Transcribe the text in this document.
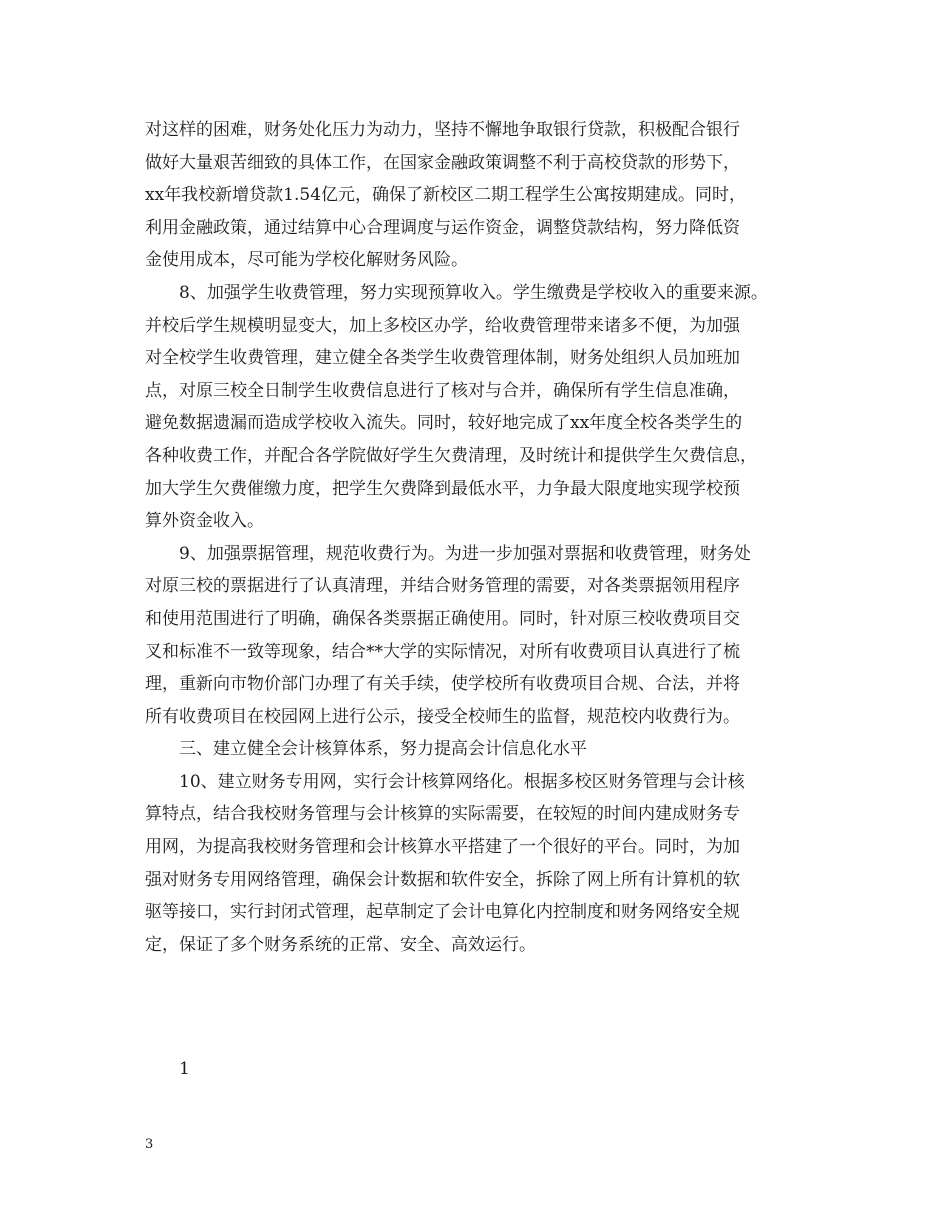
对这样的困难，财务处化压力为动力，坚持不懈地争取银行贷款，积极配合银行
做好大量艰苦细致的具体工作，在国家金融政策调整不利于高校贷款的形势下，
xx年我校新增贷款1.54亿元，确保了新校区二期工程学生公寓按期建成。同时，
利用金融政策，通过结算中心合理调度与运作资金，调整贷款结构，努力降低资
金使用成本，尽可能为学校化解财务风险。

8、加强学生收费管理，努力实现预算收入。学生缴费是学校收入的重要来源。
并校后学生规模明显变大，加上多校区办学，给收费管理带来诸多不便，为加强
对全校学生收费管理，建立健全各类学生收费管理体制，财务处组织人员加班加
点，对原三校全日制学生收费信息进行了核对与合并，确保所有学生信息准确，
避免数据遗漏而造成学校收入流失。同时，较好地完成了xx年度全校各类学生的
各种收费工作，并配合各学院做好学生欠费清理，及时统计和提供学生欠费信息，
加大学生欠费催缴力度，把学生欠费降到最低水平，力争最大限度地实现学校预
算外资金收入。

9、加强票据管理，规范收费行为。为进一步加强对票据和收费管理，财务处
对原三校的票据进行了认真清理，并结合财务管理的需要，对各类票据领用程序
和使用范围进行了明确，确保各类票据正确使用。同时，针对原三校收费项目交
叉和标准不一致等现象，结合**大学的实际情况，对所有收费项目认真进行了梳
理，重新向市物价部门办理了有关手续，使学校所有收费项目合规、合法，并将
所有收费项目在校园网上进行公示，接受全校师生的监督，规范校内收费行为。

三、建立健全会计核算体系，努力提高会计信息化水平

10、建立财务专用网，实行会计核算网络化。根据多校区财务管理与会计核
算特点，结合我校财务管理与会计核算的实际需要，在较短的时间内建成财务专
用网，为提高我校财务管理和会计核算水平搭建了一个很好的平台。同时，为加
强对财务专用网络管理，确保会计数据和软件安全，拆除了网上所有计算机的软
驱等接口，实行封闭式管理，起草制定了会计电算化内控制度和财务网络安全规
定，保证了多个财务系统的正常、安全、高效运行。

1
3
